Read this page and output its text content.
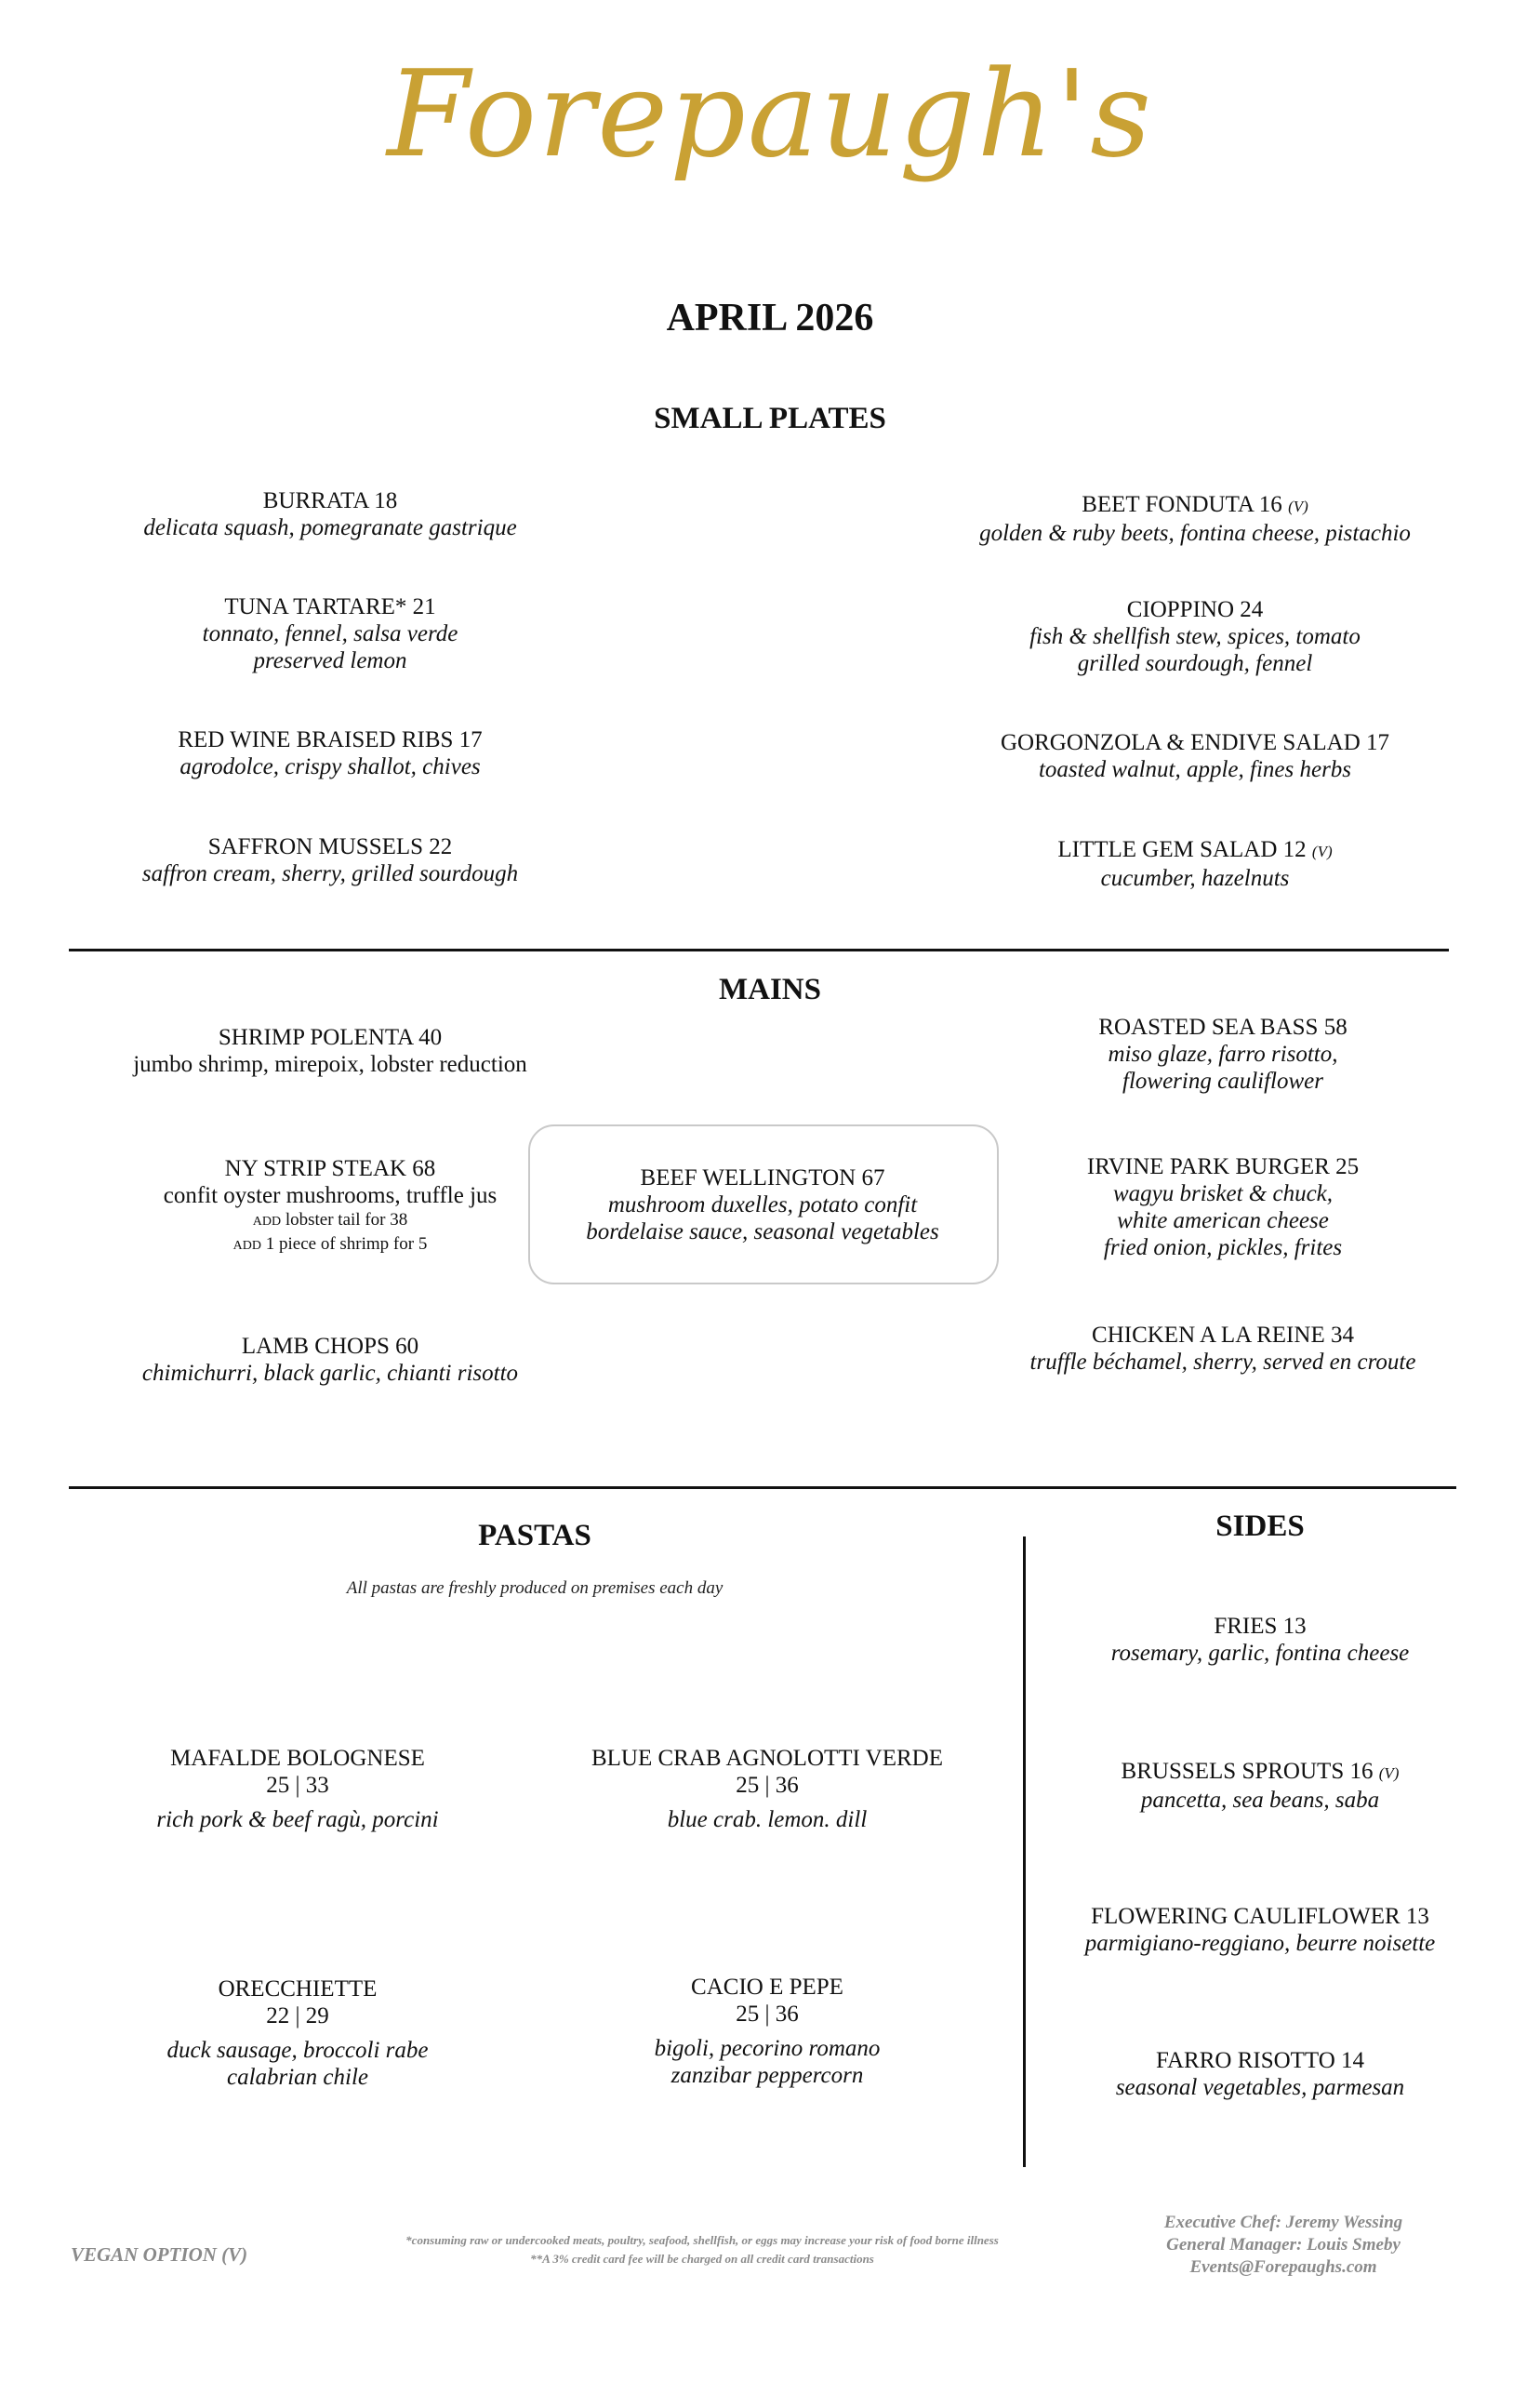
Forepaugh's
APRIL 2026
SMALL PLATES
BURRATA 18
delicata squash, pomegranate gastrique
TUNA TARTARE* 21
tonnato, fennel, salsa verde
preserved lemon
RED WINE BRAISED RIBS 17
agrodolce, crispy shallot, chives
SAFFRON MUSSELS 22
saffron cream, sherry, grilled sourdough
BEET FONDUTA 16 (V)
golden & ruby beets, fontina cheese, pistachio
CIOPPINO 24
fish & shellfish stew, spices, tomato
grilled sourdough, fennel
GORGONZOLA & ENDIVE SALAD 17
toasted walnut, apple, fines herbs
LITTLE GEM SALAD 12 (V)
cucumber, hazelnuts
MAINS
SHRIMP POLENTA 40
jumbo shrimp, mirepoix, lobster reduction
NY STRIP STEAK 68
confit oyster mushrooms, truffle jus
ADD lobster tail for 38
ADD 1 piece of shrimp for 5
LAMB CHOPS 60
chimichurri, black garlic, chianti risotto
BEEF WELLINGTON 67
mushroom duxelles, potato confit
bordelaise sauce, seasonal vegetables
ROASTED SEA BASS 58
miso glaze, farro risotto,
flowering cauliflower
IRVINE PARK BURGER 25
wagyu brisket & chuck,
white american cheese
fried onion, pickles, frites
CHICKEN A LA REINE 34
truffle béchamel, sherry, served en croute
PASTAS
All pastas are freshly produced on premises each day
MAFALDE BOLOGNESE
25 | 33
rich pork & beef ragù, porcini
BLUE CRAB AGNOLOTTI VERDE
25 | 36
blue crab. lemon. dill
ORECCHIETTE
22 | 29
duck sausage, broccoli rabe
calabrian chile
CACIO E PEPE
25 | 36
bigoli, pecorino romano
zanzibar peppercorn
SIDES
FRIES 13
rosemary, garlic, fontina cheese
BRUSSELS SPROUTS 16 (V)
pancetta, sea beans, saba
FLOWERING CAULIFLOWER 13
parmigiano-reggiano, beurre noisette
FARRO RISOTTO 14
seasonal vegetables, parmesan
VEGAN OPTION (V)
*consuming raw or undercooked meats, poultry, seafood, shellfish, or eggs may increase your risk of food borne illness
**A 3% credit card fee will be charged on all credit card transactions
Executive Chef: Jeremy Wessing
General Manager: Louis Smeby
Events@Forepaughs.com
